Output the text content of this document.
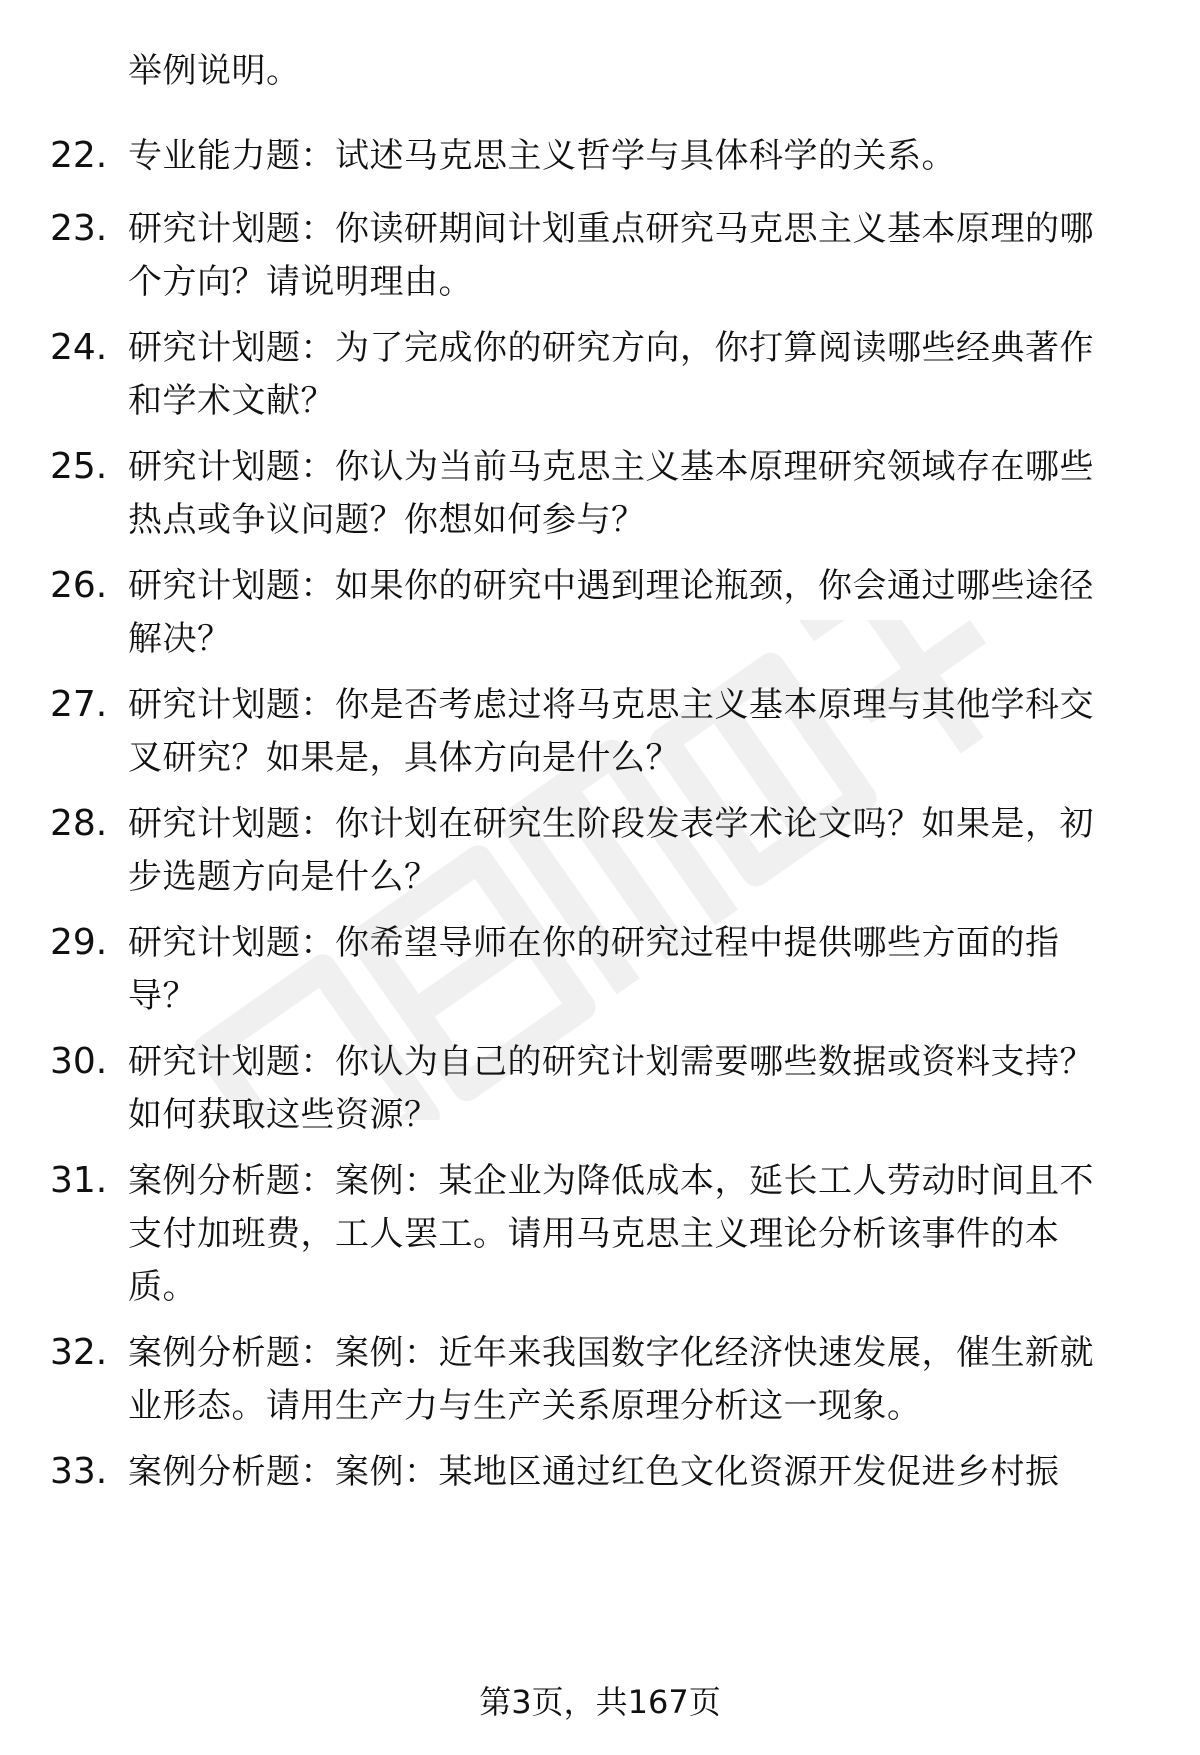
举例说明。
22. 专业能力题：试述马克思主义哲学与具体科学的关系。
23. 研究计划题：你读研期间计划重点研究马克思主义基本原理的哪
个方向？请说明理由。
24. 研究计划题：为了完成你的研究方向，你打算阅读哪些经典著作
和学术文献？
25. 研究计划题：你认为当前马克思主义基本原理研究领域存在哪些
热点或争议问题？你想如何参与？
26. 研究计划题：如果你的研究中遇到理论瓶颈，你会通过哪些途径
解决？
27. 研究计划题：你是否考虑过将马克思主义基本原理与其他学科交
叉研究？如果是，具体方向是什么？
28. 研究计划题：你计划在研究生阶段发表学术论文吗？如果是，初
步选题方向是什么？
29. 研究计划题：你希望导师在你的研究过程中提供哪些方面的指
导？
30. 研究计划题：你认为自己的研究计划需要哪些数据或资料支持？
如何获取这些资源？
31. 案例分析题：案例：某企业为降低成本，延长工人劳动时间且不
支付加班费，工人罢工。请用马克思主义理论分析该事件的本
质。
32. 案例分析题：案例：近年来我国数字化经济快速发展，催生新就
业形态。请用生产力与生产关系原理分析这一现象。
33. 案例分析题：案例：某地区通过红色文化资源开发促进乡村振
第3页，共167页
